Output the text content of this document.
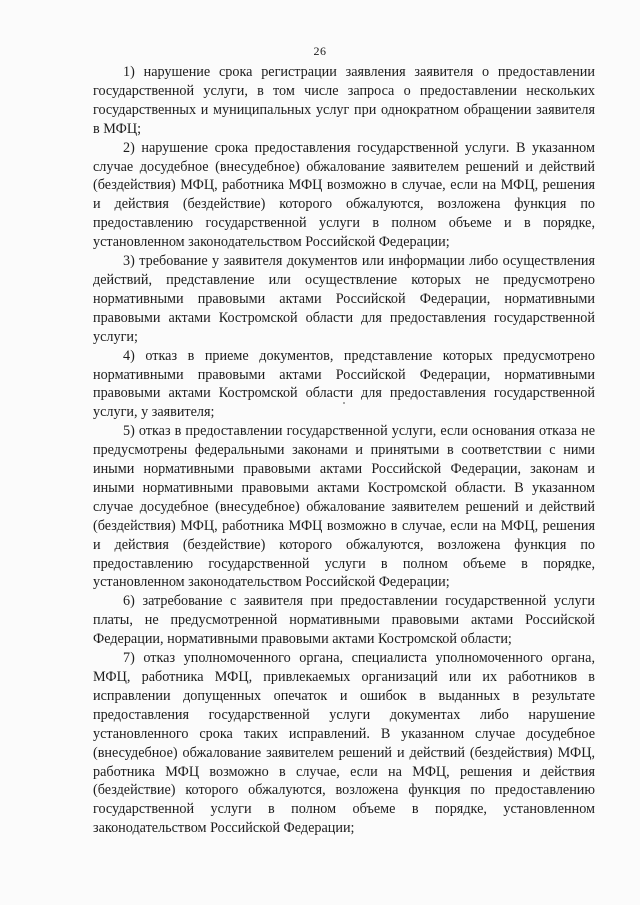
26

1) нарушение срока регистрации заявления заявителя о предоставлении государственной услуги, в том числе запроса о предоставлении нескольких государственных и муниципальных услуг при однократном обращении заявителя в МФЦ;

2) нарушение срока предоставления государственной услуги. В указанном случае досудебное (внесудебное) обжалование заявителем решений и действий (бездействия) МФЦ, работника МФЦ возможно в случае, если на МФЦ, решения и действия (бездействие) которого обжалуются, возложена функция по предоставлению государственной услуги в полном объеме и в порядке, установленном законодательством Российской Федерации;

3) требование у заявителя документов или информации либо осуществления действий, представление или осуществление которых не предусмотрено нормативными правовыми актами Российской Федерации, нормативными правовыми актами Костромской области для предоставления государственной услуги;

4) отказ в приеме документов, представление которых предусмотрено нормативными правовыми актами Российской Федерации, нормативными правовыми актами Костромской области для предоставления государственной услуги, у заявителя;

5) отказ в предоставлении государственной услуги, если основания отказа не предусмотрены федеральными законами и принятыми в соответствии с ними иными нормативными правовыми актами Российской Федерации, законам и иными нормативными правовыми актами Костромской области. В указанном случае досудебное (внесудебное) обжалование заявителем решений и действий (бездействия) МФЦ, работника МФЦ возможно в случае, если на МФЦ, решения и действия (бездействие) которого обжалуются, возложена функция по предоставлению государственной услуги в полном объеме в порядке, установленном законодательством Российской Федерации;

6) затребование с заявителя при предоставлении государственной услуги платы, не предусмотренной нормативными правовыми актами Российской Федерации, нормативными правовыми актами Костромской области;

7) отказ уполномоченного органа, специалиста уполномоченного органа, МФЦ, работника МФЦ, привлекаемых организаций или их работников в исправлении допущенных опечаток и ошибок в выданных в результате предоставления государственной услуги документах либо нарушение установленного срока таких исправлений. В указанном случае досудебное (внесудебное) обжалование заявителем решений и действий (бездействия) МФЦ, работника МФЦ возможно в случае, если на МФЦ, решения и действия (бездействие) которого обжалуются, возложена функция по предоставлению государственной услуги в полном объеме в порядке, установленном законодательством Российской Федерации;
